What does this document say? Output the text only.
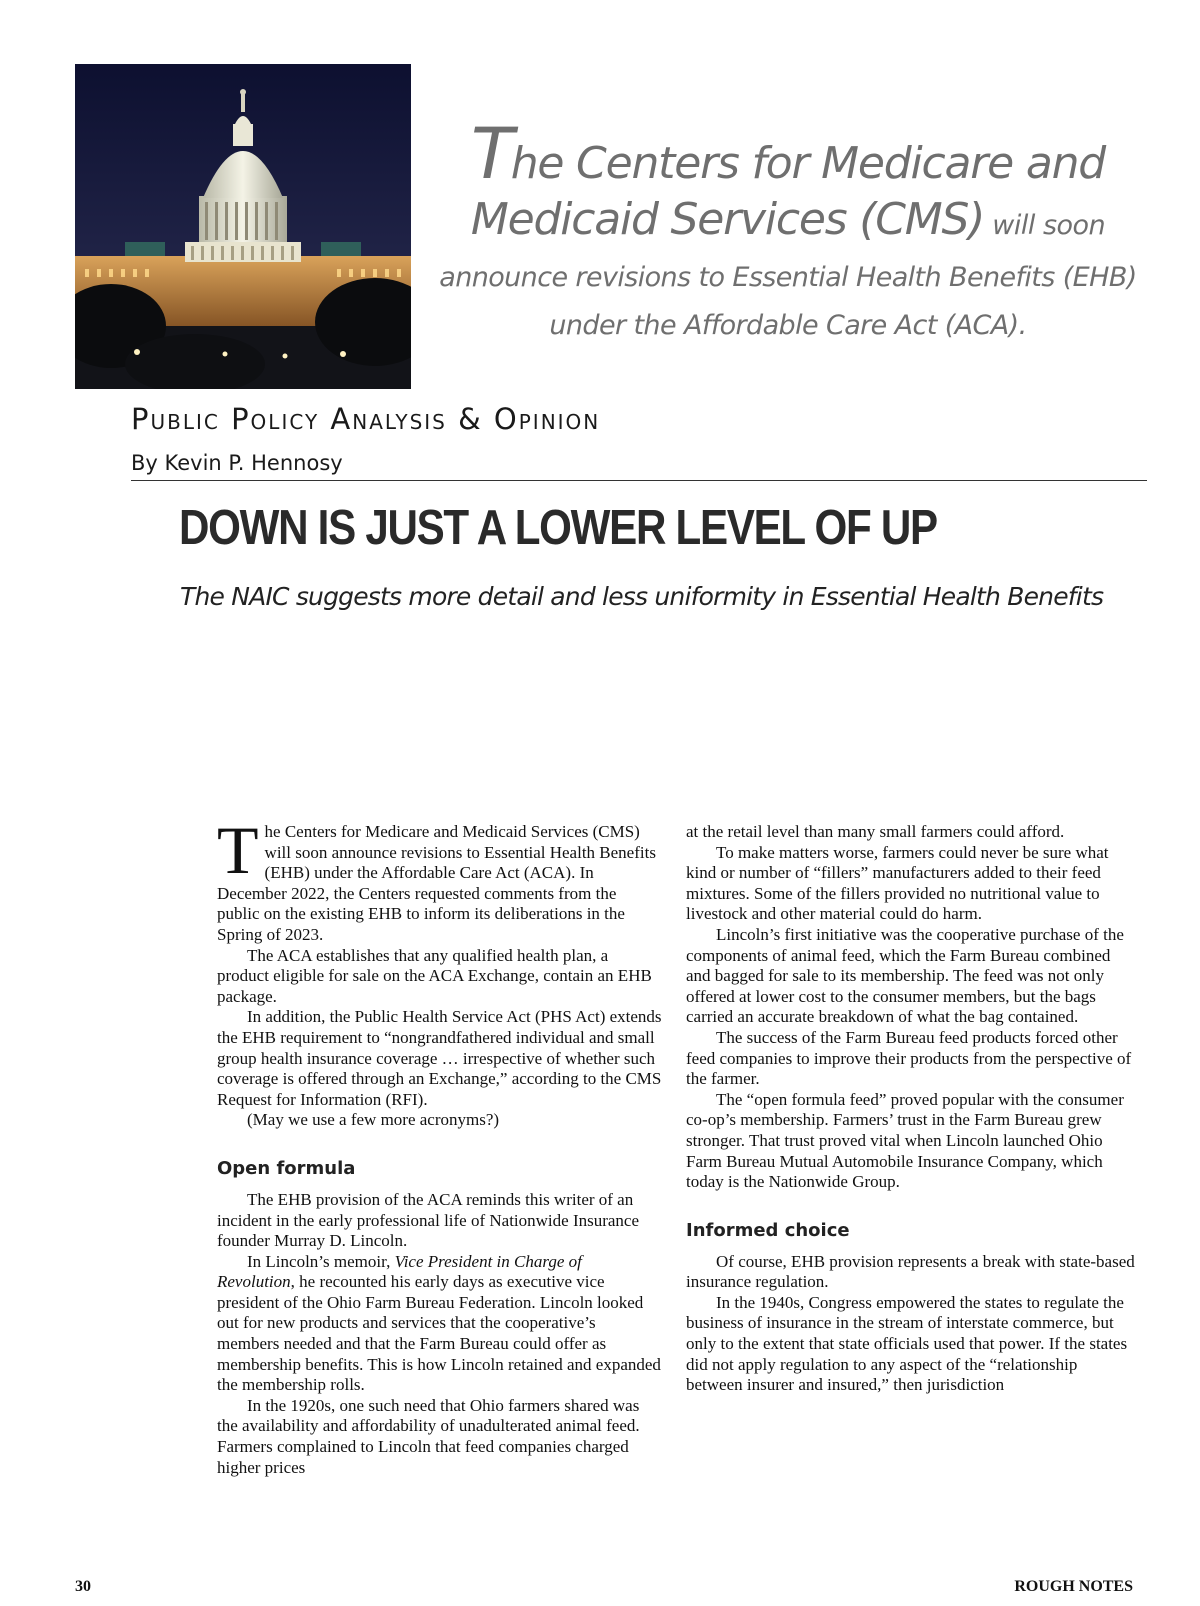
The Centers for Medicare and
Medicaid Services (CMS) will soon
announce revisions to Essential Health Benefits (EHB)
under the Affordable Care Act (ACA).
Public Policy Analysis & Opinion
By Kevin P. Hennosy
DOWN IS JUST A LOWER LEVEL OF UP
The NAIC suggests more detail and less uniformity in Essential Health Benefits

The Centers for Medicare and Medicaid Services (CMS) will soon announce revisions to Essential Health Benefits (EHB) under the Affordable Care Act (ACA). In December 2022, the Centers requested comments from the public on the existing EHB to inform its deliberations in the Spring of 2023.

The ACA establishes that any qualified health plan, a product eligible for sale on the ACA Exchange, contain an EHB package.

In addition, the Public Health Service Act (PHS Act) extends the EHB requirement to “nongrandfathered individual and small group health insurance coverage … irrespective of whether such coverage is offered through an Exchange,” according to the CMS Request for Information (RFI).

(May we use a few more acronyms?)

Open formula

The EHB provision of the ACA reminds this writer of an incident in the early professional life of Nationwide Insurance founder Murray D. Lincoln.

In Lincoln’s memoir, Vice President in Charge of Revolution, he recounted his early days as executive vice president of the Ohio Farm Bureau Federation. Lincoln looked out for new products and services that the cooperative’s members needed and that the Farm Bureau could offer as membership benefits. This is how Lincoln retained and expanded the membership rolls.

In the 1920s, one such need that Ohio farmers shared was the availability and affordability of unadulterated animal feed. Farmers complained to Lincoln that feed companies charged higher prices

at the retail level than many small farmers could afford.

To make matters worse, farmers could never be sure what kind or number of “fillers” manufacturers added to their feed mixtures. Some of the fillers provided no nutritional value to livestock and other material could do harm.

Lincoln’s first initiative was the cooperative purchase of the components of animal feed, which the Farm Bureau combined and bagged for sale to its membership. The feed was not only offered at lower cost to the consumer members, but the bags carried an accurate breakdown of what the bag contained.

The success of the Farm Bureau feed products forced other feed companies to improve their products from the perspective of the farmer.

The “open formula feed” proved popular with the consumer co-op’s membership. Farmers’ trust in the Farm Bureau grew stronger. That trust proved vital when Lincoln launched Ohio Farm Bureau Mutual Automobile Insurance Company, which today is the Nationwide Group.

Informed choice

Of course, EHB provision represents a break with state-based insurance regulation.

In the 1940s, Congress empowered the states to regulate the business of insurance in the stream of interstate commerce, but only to the extent that state officials used that power. If the states did not apply regulation to any aspect of the “relationship between insurer and insured,” then jurisdiction

30	ROUGH NOTES
